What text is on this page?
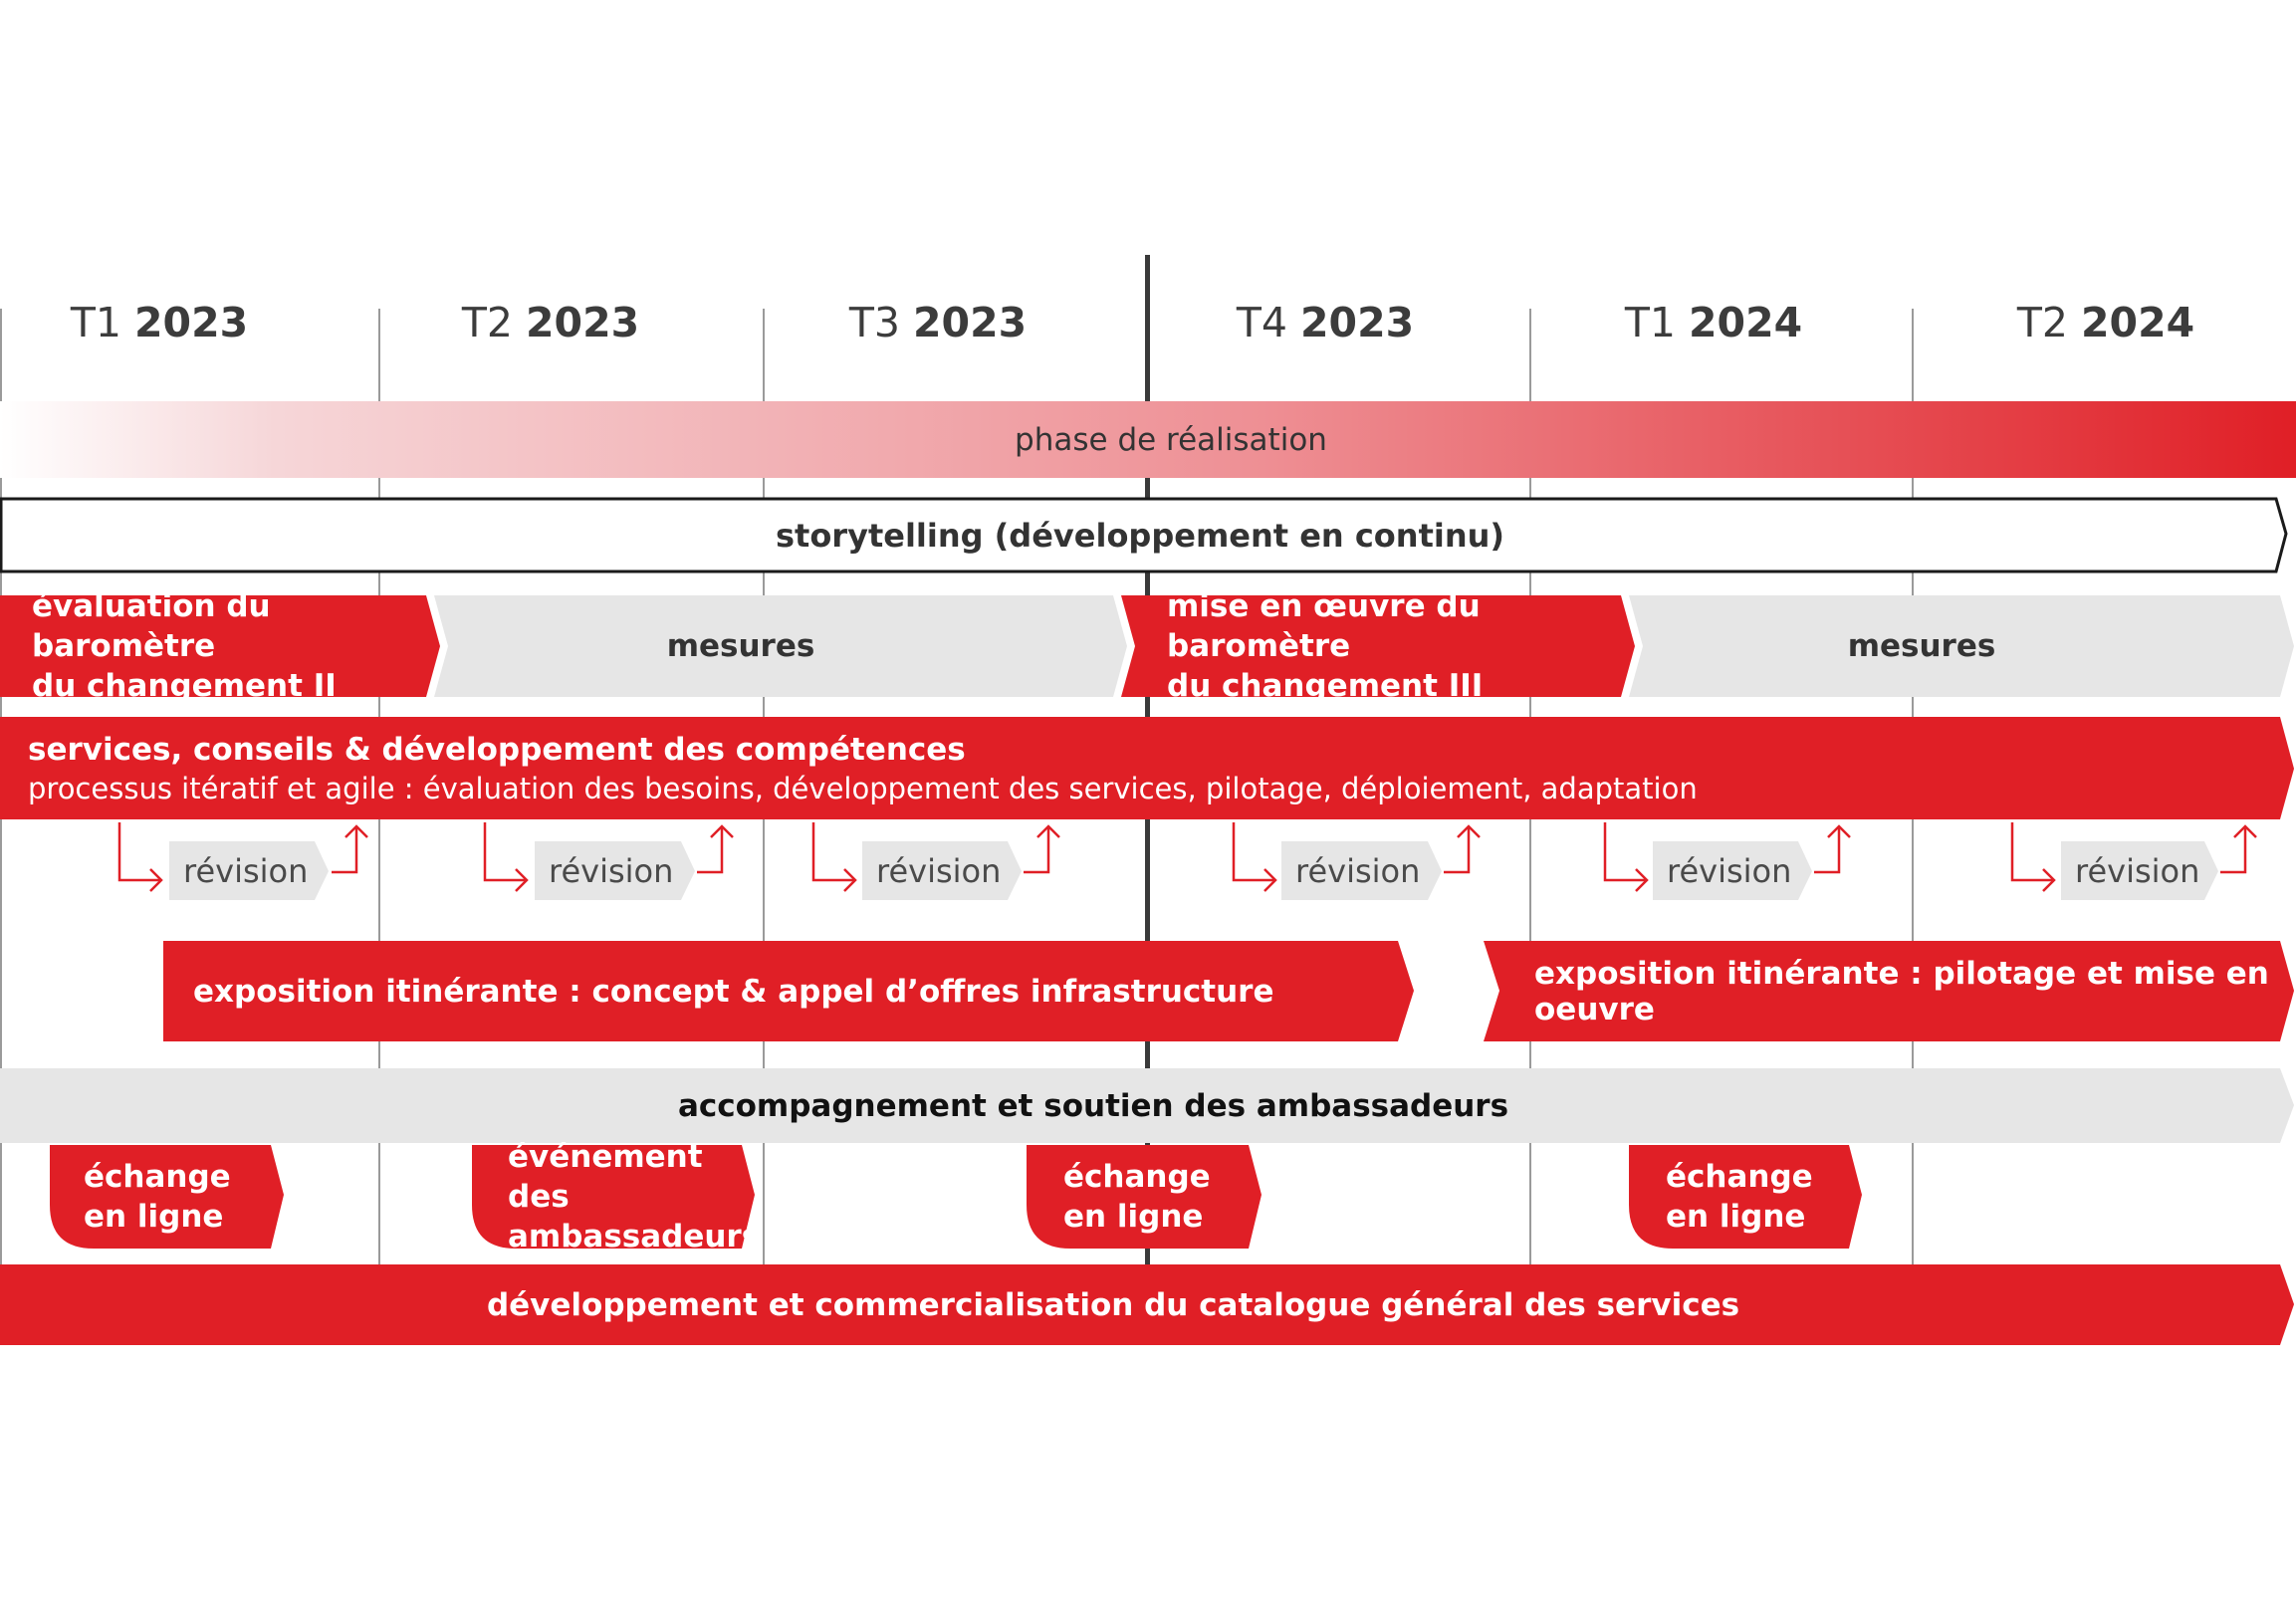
T1 2023	T2 2023	T3 2023	T4 2023	T1 2024	T2 2024
phase de réalisation
storytelling (développement en continu)
évaluation du baromètre
du changement II
mesures
mise en œuvre du baromètre
du changement III
mesures
services, conseils & développement des compétences
processus itératif et agile : évaluation des besoins, développement des services, pilotage, déploiement, adaptation
révision	révision	révision	révision	révision	révision
exposition itinérante : concept & appel d’offres infrastructure	exposition itinérante : pilotage et mise en oeuvre
accompagnement et soutien des ambassadeurs
échange
en ligne
événement des
ambassadeurs
échange
en ligne
échange
en ligne
développement et commercialisation du catalogue général des services
